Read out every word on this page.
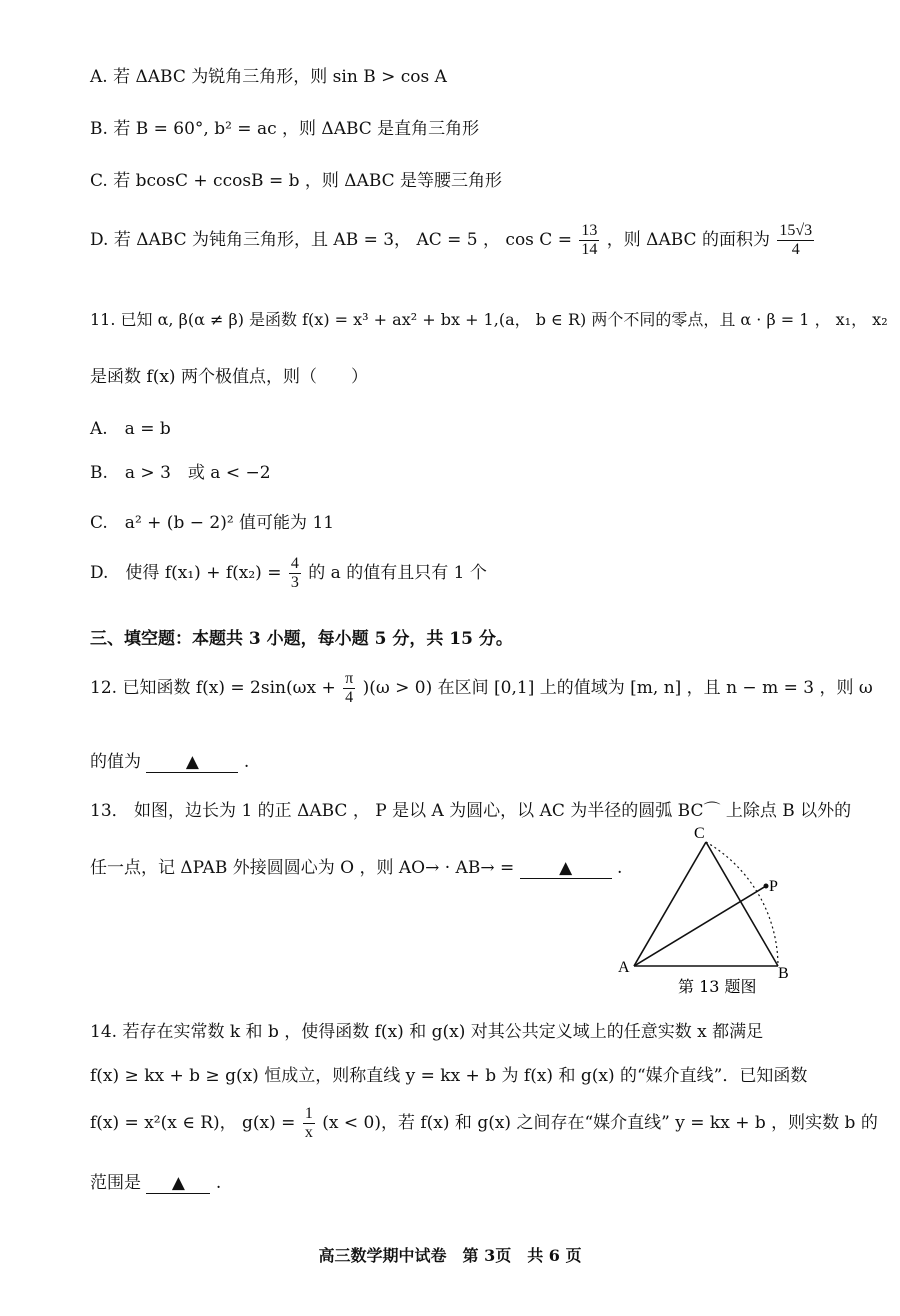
A. 若 ΔABC 为锐角三角形，则 sin B > cos A
B. 若 B = 60°, b² = ac ，则 ΔABC 是直角三角形
C. 若 bcosC + ccosB = b ，则 ΔABC 是等腰三角形
D. 若 ΔABC 为钝角三角形，且 AB = 3， AC = 5 ， $\cos C = \frac{13}{14}$ ，则 ΔABC 的面积为 $\frac{15√3}{4}$
11. 已知 α, β(α ≠ β) 是函数 f(x) = x³ + ax² + bx + 1,(a， b ∈ R) 两个不同的零点，且 α · β = 1 ， x₁， x₂
是函数 f(x) 两个极值点，则（　　）
A.　a = b
B.　a > 3　或 a < −2
C.　a² + (b − 2)² 值可能为 11
D.　使得 $f(x_1) + f(x_2) = \frac{4}{3}$ 的 a 的值有且只有 1 个
三、填空题：本题共 3 小题，每小题 5 分，共 15 分。
12. 已知函数 $f(x) = 2\sin(\omega x + \frac{\pi}{4} )(\omega > 0)$ 在区间 [0,1] 上的值域为 [m, n] ，且 n − m = 3 ，则 ω
的值为	▲	.
13． 如图，边长为 1 的正 ΔABC ， P 是以 A 为圆心，以 AC 为半径的圆弧 BC⌒ 上除点 B 以外的
任一点，记 ΔPAB 外接圆圆心为 O ，则 AO→ · AB→ =	▲	.
A	B
C
P
第 13 题图
14. 若存在实常数 k 和 b ，使得函数 f(x) 和 g(x) 对其公共定义域上的任意实数 x 都满足
f(x) ≥ kx + b ≥ g(x) 恒成立，则称直线 y = kx + b 为 f(x) 和 g(x) 的“媒介直线”．已知函数
f(x) = x²(x ∈ R)， $g(x) = \frac{1}{x} (x < 0)$，若 f(x) 和 g(x) 之间存在“媒介直线” y = kx + b ，则实数 b 的
范围是 ▲ .
高三数学期中试卷　第 3页　共 6 页
